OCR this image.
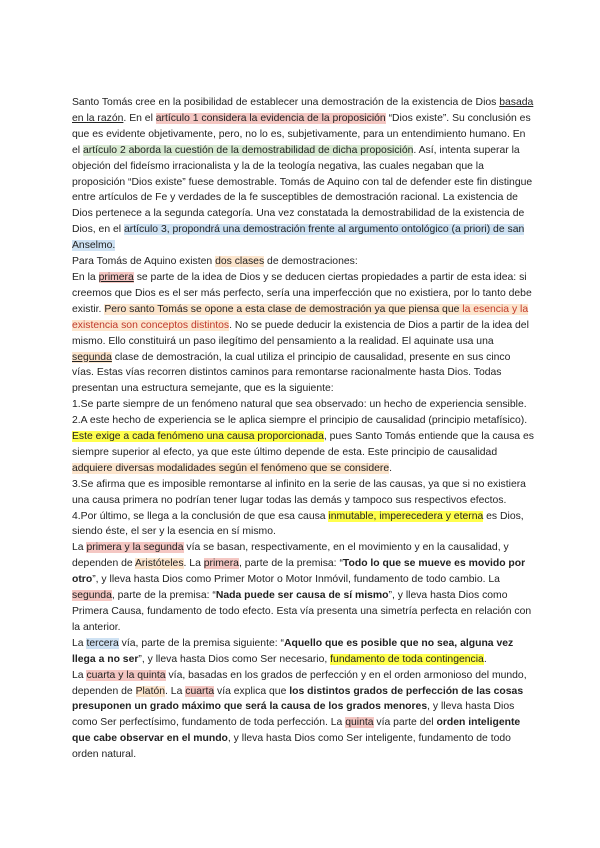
Santo Tomás cree en la posibilidad de establecer una demostración de la existencia de Dios basada en la razón. En el artículo 1 considera la evidencia de la proposición “Dios existe”. Su conclusión es que es evidente objetivamente, pero, no lo es, subjetivamente, para un entendimiento humano. En el artículo 2 aborda la cuestión de la demostrabilidad de dicha proposición. Así, intenta superar la objeción del fideísmo irracionalista y la de la teología negativa, las cuales negaban que la proposición “Dios existe” fuese demostrable. Tomás de Aquino con tal de defender este fin distingue entre artículos de Fe y verdades de la fe susceptibles de demostración racional. La existencia de Dios pertenece a la segunda categoría. Una vez constatada la demostrabilidad de la existencia de Dios, en el artículo 3, propondrá una demostración frente al argumento ontológico (a priori) de san Anselmo.

Para Tomás de Aquino existen dos clases de demostraciones:

En la primera se parte de la idea de Dios y se deducen ciertas propiedades a partir de esta idea: si creemos que Dios es el ser más perfecto, sería una imperfección que no existiera, por lo tanto debe existir. Pero santo Tomás se opone a esta clase de demostración ya que piensa que la esencia y la existencia son conceptos distintos. No se puede deducir la existencia de Dios a partir de la idea del mismo. Ello constituirá un paso ilegítimo del pensamiento a la realidad. El aquinate usa una segunda clase de demostración, la cual utiliza el principio de causalidad, presente en sus cinco vías. Estas vías recorren distintos caminos para remontarse racionalmente hasta Dios. Todas presentan una estructura semejante, que es la siguiente:

1.Se parte siempre de un fenómeno natural que sea observado: un hecho de experiencia sensible.

2.A este hecho de experiencia se le aplica siempre el principio de causalidad (principio metafísico). Este exige a cada fenómeno una causa proporcionada, pues Santo Tomás entiende que la causa es siempre superior al efecto, ya que este último depende de esta. Este principio de causalidad adquiere diversas modalidades según el fenómeno que se considere.

3.Se afirma que es imposible remontarse al infinito en la serie de las causas, ya que si no existiera una causa primera no podrían tener lugar todas las demás y tampoco sus respectivos efectos.

4.Por último, se llega a la conclusión de que esa causa inmutable, imperecedera y eterna es Dios, siendo éste, el ser y la esencia en sí mismo.

La primera y la segunda vía se basan, respectivamente, en el movimiento y en la causalidad, y dependen de Aristóteles. La primera, parte de la premisa: “Todo lo que se mueve es movido por otro”, y lleva hasta Dios como Primer Motor o Motor Inmóvil, fundamento de todo cambio. La segunda, parte de la premisa: “Nada puede ser causa de sí mismo”, y lleva hasta Dios como Primera Causa, fundamento de todo efecto. Esta vía presenta una simetría perfecta en relación con la anterior.

La tercera vía, parte de la premisa siguiente: “Aquello que es posible que no sea, alguna vez llega a no ser”, y lleva hasta Dios como Ser necesario, fundamento de toda contingencia.

La cuarta y la quinta vía, basadas en los grados de perfección y en el orden armonioso del mundo, dependen de Platón. La cuarta vía explica que los distintos grados de perfección de las cosas presuponen un grado máximo que será la causa de los grados menores, y lleva hasta Dios como Ser perfectísimo, fundamento de toda perfección. La quinta vía parte del orden inteligente que cabe observar en el mundo, y lleva hasta Dios como Ser inteligente, fundamento de todo orden natural.
